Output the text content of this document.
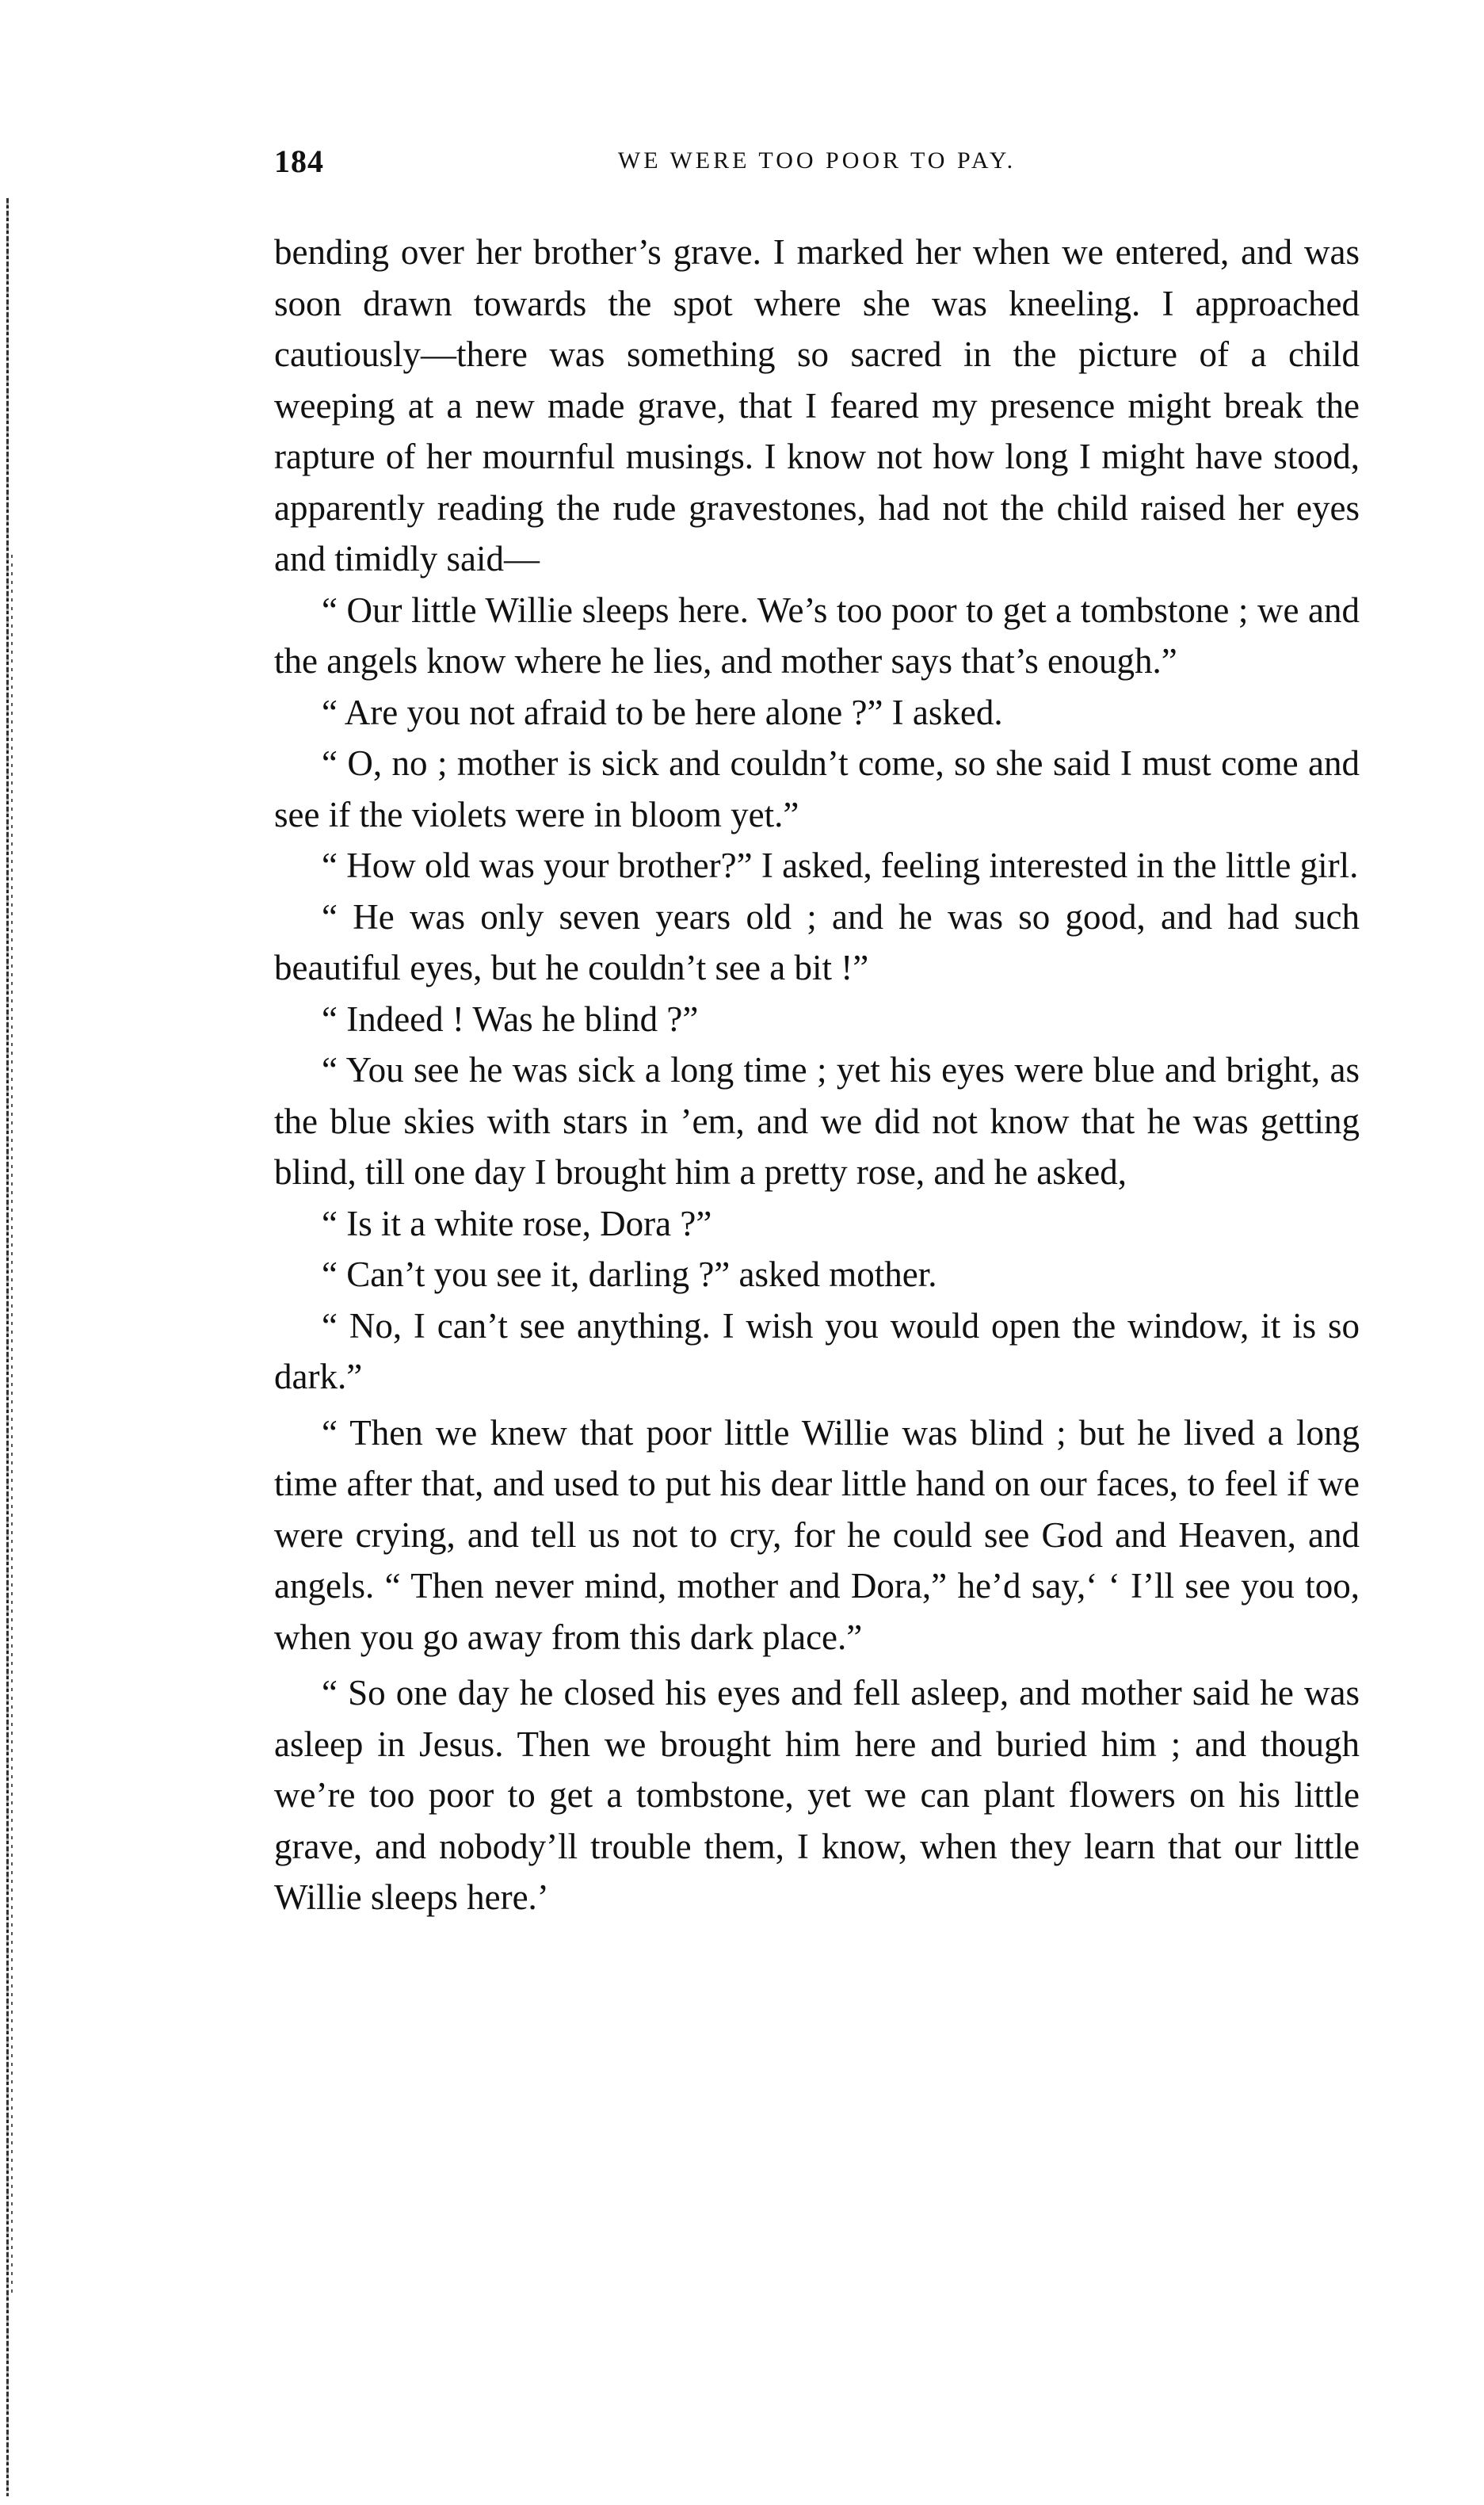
184	WE WERE TOO POOR TO PAY.

bending over her brother’s grave. I marked her when we entered, and was soon drawn towards the spot where she was kneeling. I approached cautiously—there was something so sacred in the picture of a child weeping at a new made grave, that I feared my presence might break the rapture of her mournful musings. I know not how long I might have stood, apparently reading the rude gravestones, had not the child raised her eyes and timidly said—

“ Our little Willie sleeps here. We’s too poor to get a tombstone ; we and the angels know where he lies, and mother says that’s enough.”

“ Are you not afraid to be here alone ?” I asked.

“ O, no ; mother is sick and couldn’t come, so she said I must come and see if the violets were in bloom yet.”

“ How old was your brother?” I asked, feeling interested in the little girl.

“ He was only seven years old ; and he was so good, and had such beautiful eyes, but he couldn’t see a bit !”

“ Indeed ! Was he blind ?”

“ You see he was sick a long time ; yet his eyes were blue and bright, as the blue skies with stars in ’em, and we did not know that he was getting blind, till one day I brought him a pretty rose, and he asked,

“ Is it a white rose, Dora ?”

“ Can’t you see it, darling ?” asked mother.

“ No, I can’t see anything. I wish you would open the window, it is so dark.”

“ Then we knew that poor little Willie was blind ; but he lived a long time after that, and used to put his dear little hand on our faces, to feel if we were crying, and tell us not to cry, for he could see God and Heaven, and angels. “ Then never mind, mother and Dora,” he’d say,‘ ‘ I’ll see you too, when you go away from this dark place.”

“ So one day he closed his eyes and fell asleep, and mother said he was asleep in Jesus. Then we brought him here and buried him ; and though we’re too poor to get a tombstone, yet we can plant flowers on his little grave, and nobody’ll trouble them, I know, when they learn that our little Willie sleeps here.’
